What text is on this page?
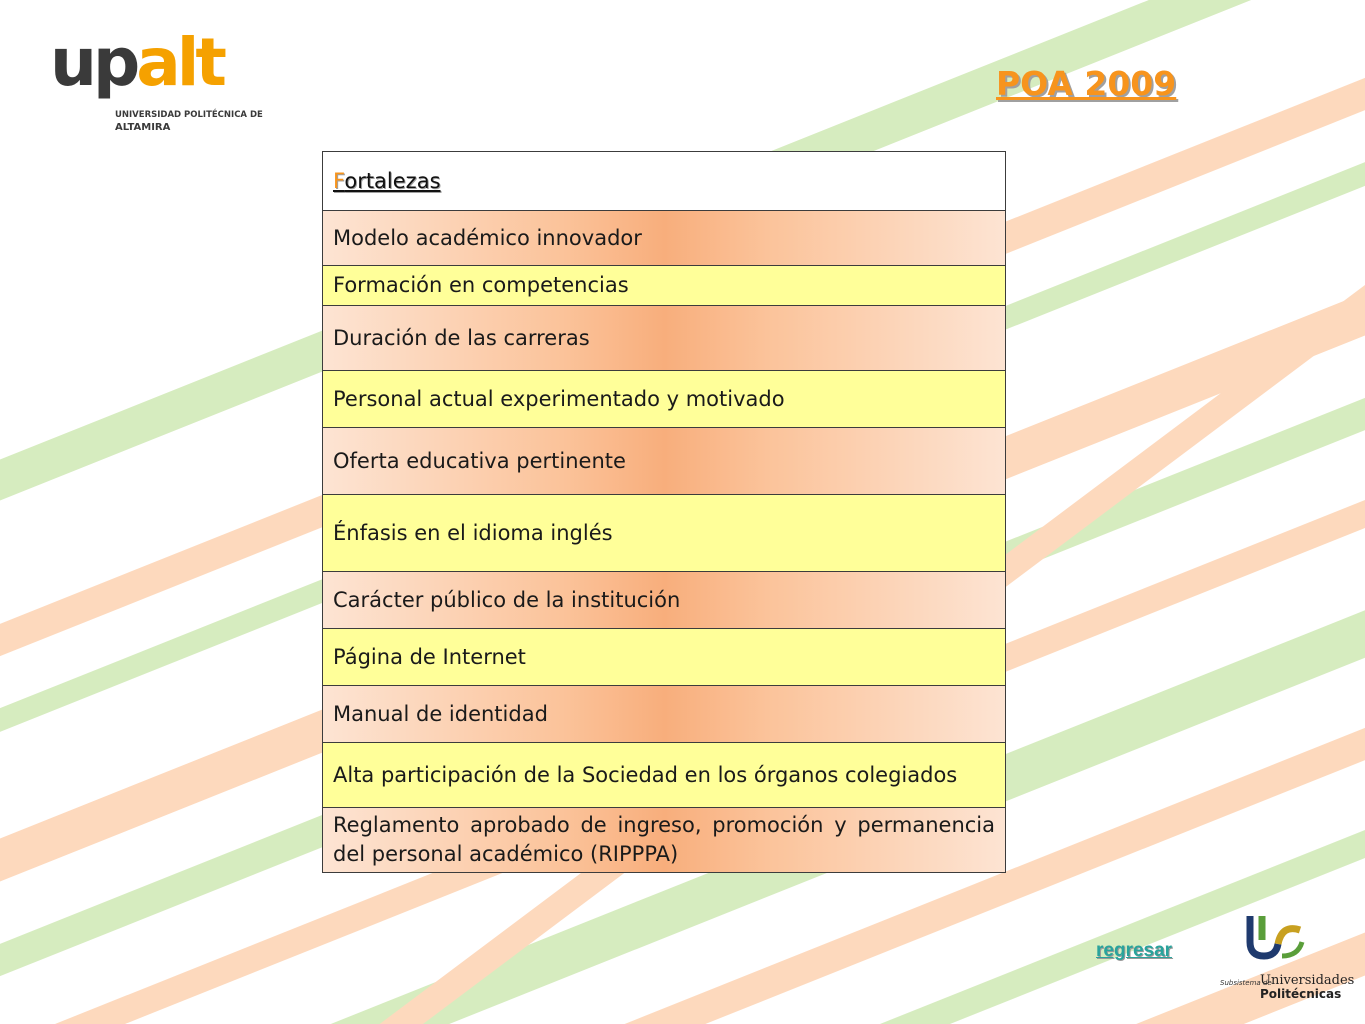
upalt
UNIVERSIDAD POLITÉCNICA DE
ALTAMIRA
POA 2009
Fortalezas
Modelo académico innovador
Formación en competencias
Duración de las carreras
Personal actual experimentado y motivado
Oferta educativa pertinente
Énfasis en el idioma inglés
Carácter público de la institución
Página de Internet
Manual de identidad
Alta participación de la Sociedad en los órganos colegiados
Reglamento aprobado de ingreso, promoción y permanencia del personal académico (RIPPPA)
regresar
Subsistema de
Universidades
Politécnicas
